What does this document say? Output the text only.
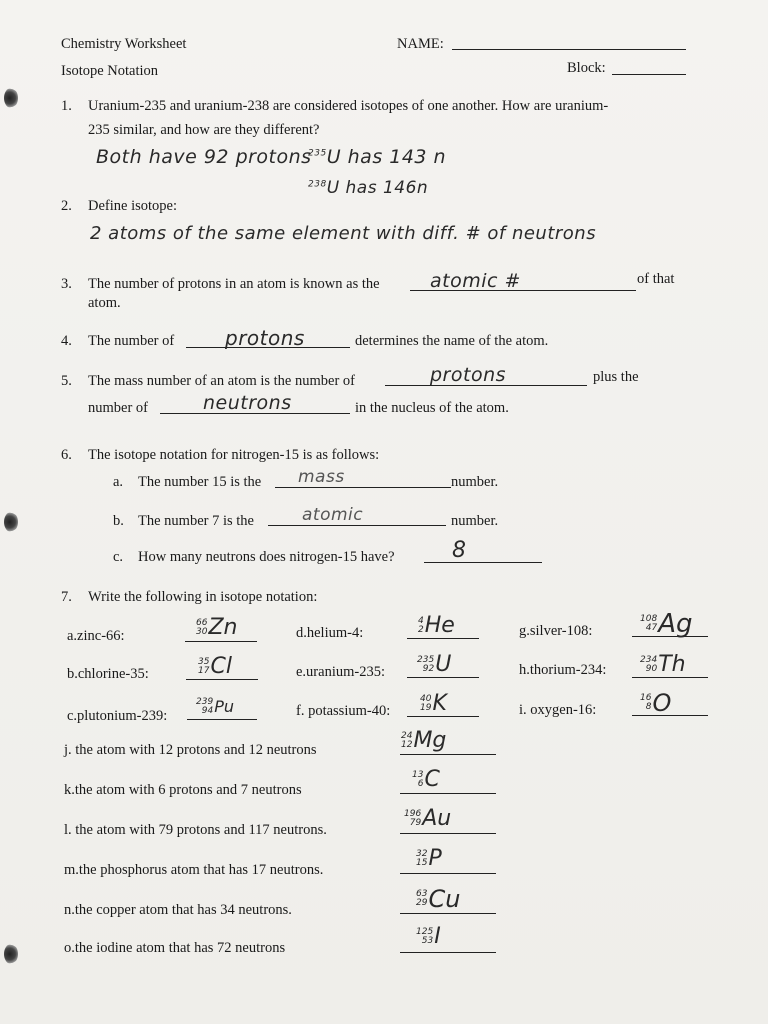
Chemistry Worksheet
Isotope Notation
NAME:
Block:
1. Uranium-235 and uranium-238 are considered isotopes of one another. How are uranium-
235 similar, and how are they different?
Both have 92 protons
$^{235}$U has 143 n
$^{238}$U has 146n
2. Define isotope:
2 atoms of the same element with diff. # of neutrons
3. The number of protons in an atom is known as the	atomic #	of that
atom.
4. The number of	protons	determines the name of the atom.
5. The mass number of an atom is the number of	protons	plus the
number of	neutrons	in the nucleus of the atom.
6. The isotope notation for nitrogen-15 is as follows:
a. The number 15 is the mass	number.
b. The number 7 is the	atomic	number.
c. How many neutrons does nitrogen-15 have?	8
7. Write the following in isotope notation:
a.zinc-66:
66
30 Zn	d.helium-4:
4
2 He	g.silver-108:
108
47 Ag
b.chlorine-35:
35
17 Cl	e.uranium-235:
235
92 U	h.thorium-234:
234
90 Th
c.plutonium-239:
239
94 Pu	f. potassium-40:
40
19 K	i. oxygen-16:
16
8 O
j. the atom with 12 protons and 12 neutrons
24
12 Mg
k.the atom with 6 protons and 7 neutrons
13
6 C
l. the atom with 79 protons and 117 neutrons.
196
79 Au
m.the phosphorus atom that has 17 neutrons.
32
15 P
n.the copper atom that has 34 neutrons.
63
29 Cu
o.the iodine atom that has 72 neutrons
125
53 I
